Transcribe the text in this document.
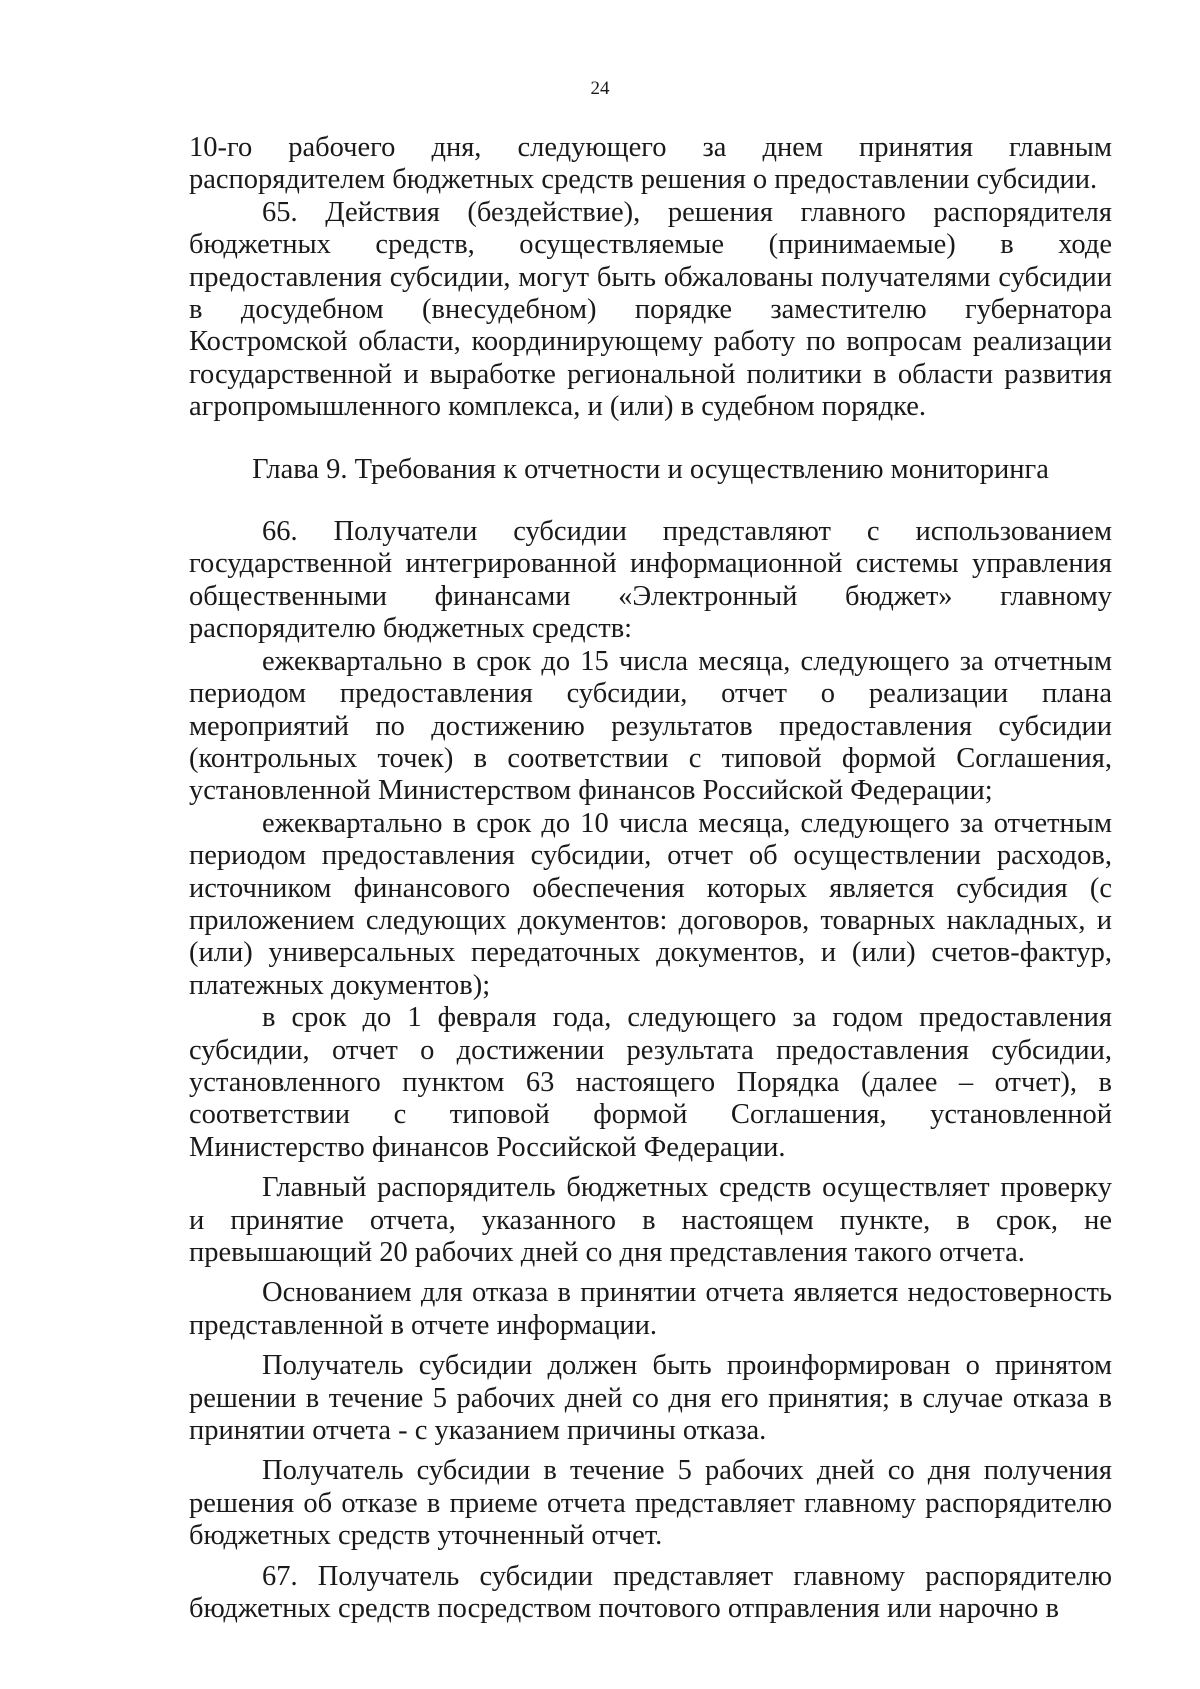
24

10-го рабочего дня, следующего за днем принятия главным распорядителем бюджетных средств решения о предоставлении субсидии.

65. Действия (бездействие), решения главного распорядителя бюджетных средств, осуществляемые (принимаемые) в ходе предоставления субсидии, могут быть обжалованы получателями субсидии в досудебном (внесудебном) порядке заместителю губернатора Костромской области, координирующему работу по вопросам реализации государственной и выработке региональной политики в области развития агропромышленного комплекса, и (или) в судебном порядке.

Глава 9. Требования к отчетности и осуществлению мониторинга

66. Получатели субсидии представляют с использованием государственной интегрированной информационной системы управления общественными финансами «Электронный бюджет» главному распорядителю бюджетных средств:

ежеквартально в срок до 15 числа месяца, следующего за отчетным периодом предоставления субсидии, отчет о реализации плана мероприятий по достижению результатов предоставления субсидии (контрольных точек) в соответствии с типовой формой Соглашения, установленной Министерством финансов Российской Федерации;

ежеквартально в срок до 10 числа месяца, следующего за отчетным периодом предоставления субсидии, отчет об осуществлении расходов, источником финансового обеспечения которых является субсидия (с приложением следующих документов: договоров, товарных накладных, и (или) универсальных передаточных документов, и (или) счетов-фактур, платежных документов);

в срок до 1 февраля года, следующего за годом предоставления субсидии, отчет о достижении результата предоставления субсидии, установленного пунктом 63 настоящего Порядка (далее – отчет), в соответствии с типовой формой Соглашения, установленной Министерство финансов Российской Федерации.

Главный распорядитель бюджетных средств осуществляет проверку и принятие отчета, указанного в настоящем пункте, в срок, не превышающий 20 рабочих дней со дня представления такого отчета.

Основанием для отказа в принятии отчета является недостоверность представленной в отчете информации.

Получатель субсидии должен быть проинформирован о принятом решении в течение 5 рабочих дней со дня его принятия; в случае отказа в принятии отчета - с указанием причины отказа.

Получатель субсидии в течение 5 рабочих дней со дня получения решения об отказе в приеме отчета представляет главному распорядителю бюджетных средств уточненный отчет.

67. Получатель субсидии представляет главному распорядителю бюджетных средств посредством почтового отправления или нарочно в
